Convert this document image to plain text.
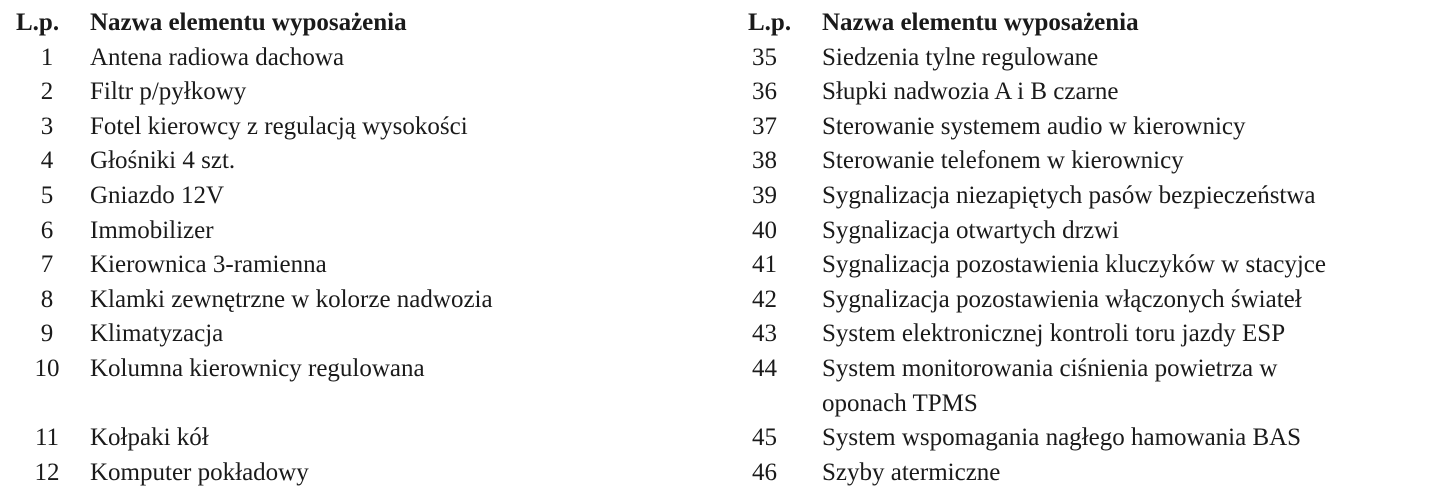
L.p.	Nazwa elementu wyposażenia
1	Antena radiowa dachowa
2	Filtr p/pyłkowy
3	Fotel kierowcy z regulacją wysokości
4	Głośniki 4 szt.
5	Gniazdo 12V
6	Immobilizer
7	Kierownica 3-ramienna
8	Klamki zewnętrzne w kolorze nadwozia
9	Klimatyzacja
10	Kolumna kierownicy regulowana
11	Kołpaki kół
12	Komputer pokładowy
L.p.	Nazwa elementu wyposażenia
35	Siedzenia tylne regulowane
36	Słupki nadwozia A i B czarne
37	Sterowanie systemem audio w kierownicy
38	Sterowanie telefonem w kierownicy
39	Sygnalizacja niezapiętych pasów bezpieczeństwa
40	Sygnalizacja otwartych drzwi
41	Sygnalizacja pozostawienia kluczyków w stacyjce
42	Sygnalizacja pozostawienia włączonych świateł
43	System elektronicznej kontroli toru jazdy ESP
44	System monitorowania ciśnienia powietrza w
oponach TPMS
45	System wspomagania nagłego hamowania BAS
46	Szyby atermiczne
